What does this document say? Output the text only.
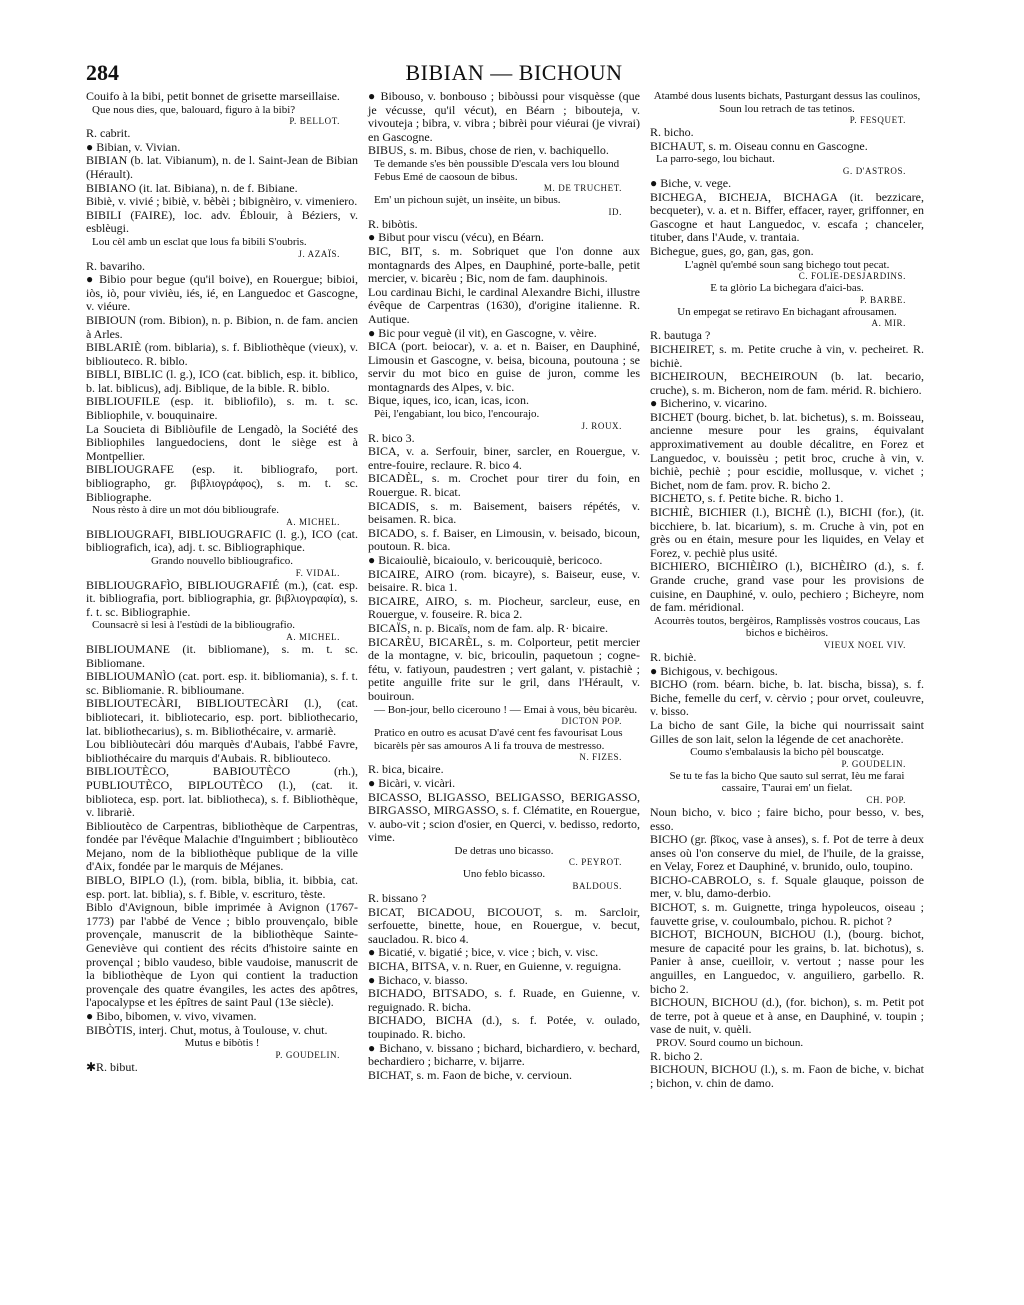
284	BIBIAN — BICHOUN

Couifo à la bibi, petit bonnet de grisette marseillaise.

Que nous dies, que, balouard, figuro à la bibi?

P. BELLOT.

R. cabrit.

● Bibian, v. Vivian.

BIBIAN (b. lat. Vibianum), n. de l. Saint-Jean de Bibian (Hérault).

BIBIANO (it. lat. Bibiana), n. de f. Bibiane.

Bibiè, v. vivié ; bibiè, v. bèbèi ; bibignèiro, v. vimeniero.

BIBILI (FAIRE), loc. adv. Éblouir, à Béziers, v. esblèugi.

Lou cèl amb un esclat que lous fa bibili S'oubris.

J. AZAÏS.

R. bavariho.

● Bibio pour begue (qu'il boive), en Rouergue; bibioi, iòs, iò, pour vivièu, iés, ié, en Languedoc et Gascogne, v. viéure.

BIBIOUN (rom. Bibion), n. p. Bibion, n. de fam. ancien à Arles.

BIBLARIÈ (rom. biblaria), s. f. Bibliothèque (vieux), v. bibliouteco. R. biblo.

BIBLI, BIBLIC (l. g.), ICO (cat. biblich, esp. it. biblico, b. lat. biblicus), adj. Biblique, de la bible. R. biblo.

BIBLIOUFILE (esp. it. bibliofilo), s. m. t. sc. Bibliophile, v. bouquinaire.

La Soucieta di Bibliòufile de Lengadò, la Société des Bibliophiles languedociens, dont le siège est à Montpellier.

BIBLIOUGRAFE (esp. it. bibliografo, port. bibliographo, gr. βιβλιογράφος), s. m. t. sc. Bibliographe.

Nous rèsto à dire un mot dóu bibliougrafe.

A. MICHEL.

BIBLIOUGRAFI, BIBLIOUGRAFIC (l. g.), ICO (cat. bibliografich, ica), adj. t. sc. Bibliographique.

Grando nouvello bibliougrafico.

F. VIDAL.

BIBLIOUGRAFÌO, BIBLIOUGRAFIÉ (m.), (cat. esp. it. bibliografia, port. bibliographia, gr. βιβλιογραφία), s. f. t. sc. Bibliographie.

Counsacrè si lesi à l'estùdi de la bibliougrafio.

A. MICHEL.

BIBLIOUMANE (it. bibliomane), s. m. t. sc. Bibliomane.

BIBLIOUMANÌO (cat. port. esp. it. bibliomania), s. f. t. sc. Bibliomanie. R. biblioumane.

BIBLIOUTECÀRI, BIBLIOUTECÀRI (l.), (cat. bibliotecari, it. bibliotecario, esp. port. bibliothecario, lat. bibliothecarius), s. m. Bibliothécaire, v. armariè.

Lou bibliòutecàri dóu marquès d'Aubais, l'abbé Favre, bibliothécaire du marquis d'Aubais. R. bibliouteco.

BIBLIOUTÈCO, BABIOUTÈCO (rh.), PUBLIOUTÈCO, BIPLOUTÈCO (l.), (cat. it. biblioteca, esp. port. lat. bibliotheca), s. f. Bibliothèque, v. librariè.

Biblioutèco de Carpentras, bibliothèque de Carpentras, fondée par l'évêque Malachie d'Inguimbert ; biblioutèco Mejano, nom de la bibliothèque publique de la ville d'Aix, fondée par le marquis de Méjanes.

BIBLO, BIPLO (l.), (rom. bibla, biblia, it. bibbia, cat. esp. port. lat. biblia), s. f. Bible, v. escrituro, tèste.

Biblo d'Avignoun, bible imprimée à Avignon (1767-1773) par l'abbé de Vence ; biblo prouvençalo, bible provençale, manuscrit de la bibliothèque Sainte-Geneviève qui contient des récits d'histoire sainte en provençal ; biblo vaudeso, bible vaudoise, manuscrit de la bibliothèque de Lyon qui contient la traduction provençale des quatre évangiles, les actes des apôtres, l'apocalypse et les épîtres de saint Paul (13e siècle).

● Bibo, bibomen, v. vivo, vivamen.

BIBÒTIS, interj. Chut, motus, à Toulouse, v. chut.

Mutus e bibòtis !

P. GOUDELIN.

✱R. bibut.

● Bibouso, v. bonbouso ; bibòussi pour visquèsse (que je vécusse, qu'il vécut), en Béarn ; bibouteja, v. vivouteja ; bibra, v. vibra ; bibrèi pour viéurai (je vivrai) en Gascogne.

BIBUS, s. m. Bibus, chose de rien, v. bachiquello.

Te demande s'es bèn poussible D'escala vers lou blound Febus Emé de caosoun de bibus.

M. DE TRUCHET.

Em' un pichoun sujèt, un insèite, un bibus.

ID.

R. bibòtis.

● Bibut pour viscu (vécu), en Béarn.

BIC, BIT, s. m. Sobriquet que l'on donne aux montagnards des Alpes, en Dauphiné, porte-balle, petit mercier, v. bicarèu ; Bic, nom de fam. dauphinois.

Lou cardinau Bichi, le cardinal Alexandre Bichi, illustre évêque de Carpentras (1630), d'origine italienne. R. Autique.

● Bic pour veguè (il vit), en Gascogne, v. vèire.

BICA (port. beiocar), v. a. et n. Baiser, en Dauphiné, Limousin et Gascogne, v. beisa, bicouna, poutouna ; se servir du mot bico en guise de juron, comme les montagnards des Alpes, v. bic.

Bique, iques, ico, ican, icas, icon.

Pèi, l'engabiant, lou bico, l'encourajo.

J. ROUX.

R. bico 3.

BICA, v. a. Serfouir, biner, sarcler, en Rouergue, v. entre-fouire, reclaure. R. bico 4.

BICADÈL, s. m. Crochet pour tirer du foin, en Rouergue. R. bicat.

BICADIS, s. m. Baisement, baisers répétés, v. beisamen. R. bica.

BICADO, s. f. Baiser, en Limousin, v. beisado, bicoun, poutoun. R. bica.

● Bicaiouliè, bicaioulo, v. bericouquiè, bericoco.

BICAIRE, AIRO (rom. bicayre), s. Baiseur, euse, v. beisaire. R. bica 1.

BICAIRE, AIRO, s. m. Piocheur, sarcleur, euse, en Rouergue, v. fouseire. R. bica 2.

BICAÏS, n. p. Bicaïs, nom de fam. alp. R· bicaire.

BICARÈU, BICARÈL, s. m. Colporteur, petit mercier de la montagne, v. bic, bricoulin, paquetoun ; cogne-fétu, v. fatiyoun, paudestren ; vert galant, v. pistachiè ; petite anguille frite sur le gril, dans l'Hérault, v. bouiroun.

— Bon-jour, bello cicerouno ! — Emai à vous, bèu bicarèu.

DICTON POP.

Pratico en outro es acusat D'avé cent fes favourisat Lous bicarèls pèr sas amouros A li fa trouva de mestresso.

N. FIZES.

R. bica, bicaire.

● Bicàri, v. vicàri.

BICASSO, BLIGASSO, BELIGASSO, BERIGASSO, BIRGASSO, MIRGASSO, s. f. Clématite, en Rouergue, v. aubo-vit ; scion d'osier, en Querci, v. bedisso, redorto, vime.

De detras uno bicasso.

C. PEYROT.

Uno feblo bicasso.

BALDOUS.

R. bissano ?

BICAT, BICADOU, BICOUOT, s. m. Sarcloir, serfouette, binette, houe, en Rouergue, v. becut, saucladou. R. bico 4.

● Bicatié, v. bigatié ; bice, v. vice ; bich, v. visc.

BICHA, BITSA, v. n. Ruer, en Guienne, v. reguigna.

● Bichaco, v. biasso.

BICHADO, BITSADO, s. f. Ruade, en Guienne, v. reguignado. R. bicha.

BICHADO, BICHA (d.), s. f. Potée, v. oulado, toupinado. R. bicho.

● Bichano, v. bissano ; bichard, bichardiero, v. bechard, bechardiero ; bicharre, v. bijarre.

BICHAT, s. m. Faon de biche, v. cervioun.

Atambé dous lusents bichats, Pasturgant dessus las coulinos, Soun lou retrach de tas tetinos.

P. FESQUET.

R. bicho.

BICHAUT, s. m. Oiseau connu en Gascogne.

La parro-sego, lou bichaut.

G. D'ASTROS.

● Biche, v. vege.

BICHEGA, BICHEJA, BICHAGA (it. bezzicare, becqueter), v. a. et n. Biffer, effacer, rayer, griffonner, en Gascogne et haut Languedoc, v. escafa ; chanceler, tituber, dans l'Aude, v. trantaia.

Bichegue, gues, go, gan, gas, gon.

L'agnèl qu'embé soun sang bichego tout pecat.

C. FOLIE-DESJARDINS.

E ta glòrio La bichegara d'aici-bas.

P. BARBE.

Un empegat se retiravo En bichagant afrousamen.

A. MIR.

R. bautuga ?

BICHEIRET, s. m. Petite cruche à vin, v. pecheiret. R. bichiè.

BICHEIROUN, BECHEIROUN (b. lat. becario, cruche), s. m. Bicheron, nom de fam. mérid. R. bichiero.

● Bicherino, v. vicarino.

BICHET (bourg. bichet, b. lat. bichetus), s. m. Boisseau, ancienne mesure pour les grains, équivalant approximativement au double décalitre, en Forez et Languedoc, v. bouissèu ; petit broc, cruche à vin, v. bichiè, pechiè ; pour escidie, mollusque, v. vichet ; Bichet, nom de fam. prov. R. bicho 2.

BICHETO, s. f. Petite biche. R. bicho 1.

BICHIÈ, BICHIER (l.), BICHÈ (l.), BICHI (for.), (it. bicchiere, b. lat. bicarium), s. m. Cruche à vin, pot en grès ou en étain, mesure pour les liquides, en Velay et Forez, v. pechiè plus usité.

BICHIERO, BICHIÈIRO (l.), BICHÈIRO (d.), s. f. Grande cruche, grand vase pour les provisions de cuisine, en Dauphiné, v. oulo, pechiero ; Bicheyre, nom de fam. méridional.

Acourrès toutos, bergèiros, Ramplissès vostros coucaus, Las bichos e bichèiros.

VIEUX NOEL VIV.

R. bichiè.

● Bichigous, v. bechigous.

BICHO (rom. béarn. biche, b. lat. bischa, bissa), s. f. Biche, femelle du cerf, v. cèrvio ; pour orvet, couleuvre, v. bisso.

La bicho de sant Gile, la biche qui nourrissait saint Gilles de son lait, selon la légende de cet anachorète.

Coumo s'embalausis la bicho pèl bouscatge.

P. GOUDELIN.

Se tu te fas la bicho Que sauto sul serrat, Ièu me farai cassaire, T'aurai em' un fielat.

CH. POP.

Noun bicho, v. bico ; faire bicho, pour besso, v. bes, esso.

BICHO (gr. βῖκος, vase à anses), s. f. Pot de terre à deux anses où l'on conserve du miel, de l'huile, de la graisse, en Velay, Forez et Dauphiné, v. brunido, oulo, toupino.

BICHO-CABROLO, s. f. Squale glauque, poisson de mer, v. blu, damo-derbio.

BICHOT, s. m. Guignette, tringa hypoleucos, oiseau ; fauvette grise, v. couloumbalo, pichou. R. pichot ?

BICHOT, BICHOUN, BICHOU (l.), (bourg. bichot, mesure de capacité pour les grains, b. lat. bichotus), s. Panier à anse, cueilloir, v. vertout ; nasse pour les anguilles, en Languedoc, v. anguiliero, garbello. R. bicho 2.

BICHOUN, BICHOU (d.), (for. bichon), s. m. Petit pot de terre, pot à queue et à anse, en Dauphiné, v. toupin ; vase de nuit, v. quèli.

PROV. Sourd coumo un bichoun.

R. bicho 2.

BICHOUN, BICHOU (l.), s. m. Faon de biche, v. bichat ; bichon, v. chin de damo.
